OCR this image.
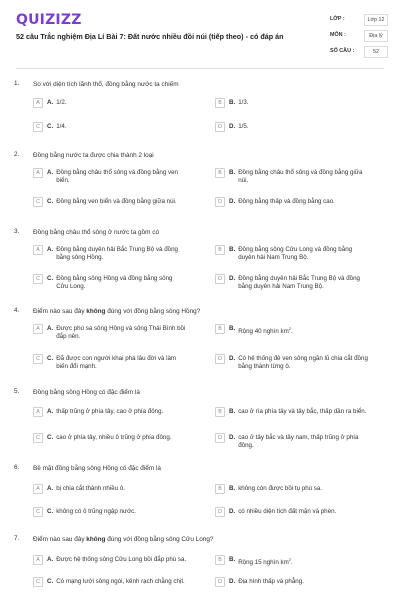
QUIZIZZ
52 câu Trắc nghiệm Địa Lí Bài 7: Đất nước nhiều đồi núi (tiếp theo) - có đáp án
LỚP :	Lớp 12
MÔN :	Địa lý
SỐ CÂU :	52
1. So với diện tích lãnh thổ, đồng bằng nước ta chiếm
A	A. 1/2.	B	B. 1/3.
C	C. 1/4.	D	D. 1/5.
2. Đồng bằng nước ta được chia thành 2 loại
A	A. Đồng bằng châu thổ sông và đồng bằng ven biển.
B	B. Đồng bằng châu thổ sông và đồng bằng giữa núi.
C	C. Đồng bằng ven biển và đồng bằng giữa núi.	D	D. Đồng bằng thấp và đồng bằng cao.
3. Đồng bằng châu thổ sông ở nước ta gồm có
A	A. Đồng bằng duyên hải Bắc Trung Bộ và đồng bằng sông Hồng.
B	B. Đồng bằng sông Cửu Long và đồng bằng duyên hải Nam Trung Bộ.
C	C. Đồng bằng sông Hồng và đồng bằng sông Cửu Long.
D	D. Đồng bằng duyên hải Bắc Trung Bộ và đồng bằng duyên hải Nam Trung Bộ.
4. Điểm nào sau đây không đúng với đồng bằng sông Hồng?
A	A. Được phù sa sông Hồng và sông Thái Bình bồi đắp nên.
B	B. Rộng 40 nghìn $km^2$.
C	C. Đã được con người khai phá lâu đời và làm biến đổi mạnh.
D	D. Có hệ thống đê ven sông ngăn lũ chia cắt đồng bằng thành từng ô.
5. Đồng bằng sông Hồng có đặc điểm là
A	A. thấp trũng ở phía tây, cao ở phía đông.	B	B. cao ở rìa phía tây và tây bắc, thấp dần ra biển.
C	C. cao ở phía tây, nhiều ô trũng ở phía đông.	D	D. cao ở tây bắc và tây nam, thấp trũng ở phía đông.
6. Bề mặt đồng bằng sông Hồng có đặc điểm là
A	A. bị chia cắt thành nhiều ô.	B	B. không còn được bồi tụ phù sa.
C	C. không có ô trũng ngập nước.	D	D. có nhiều diện tích đất mặn và phèn.
7. Điểm nào sau đây không đúng với đồng bằng sông Cửu Long?
A	A. Được hệ thống sông Cửu Long bồi đắp phù sa.	B	B. Rộng 15 nghìn $km^2$.
C	C. Có mạng lưới sông ngòi, kênh rạch chằng chịt.	D	D. Địa hình thấp và phẳng.
